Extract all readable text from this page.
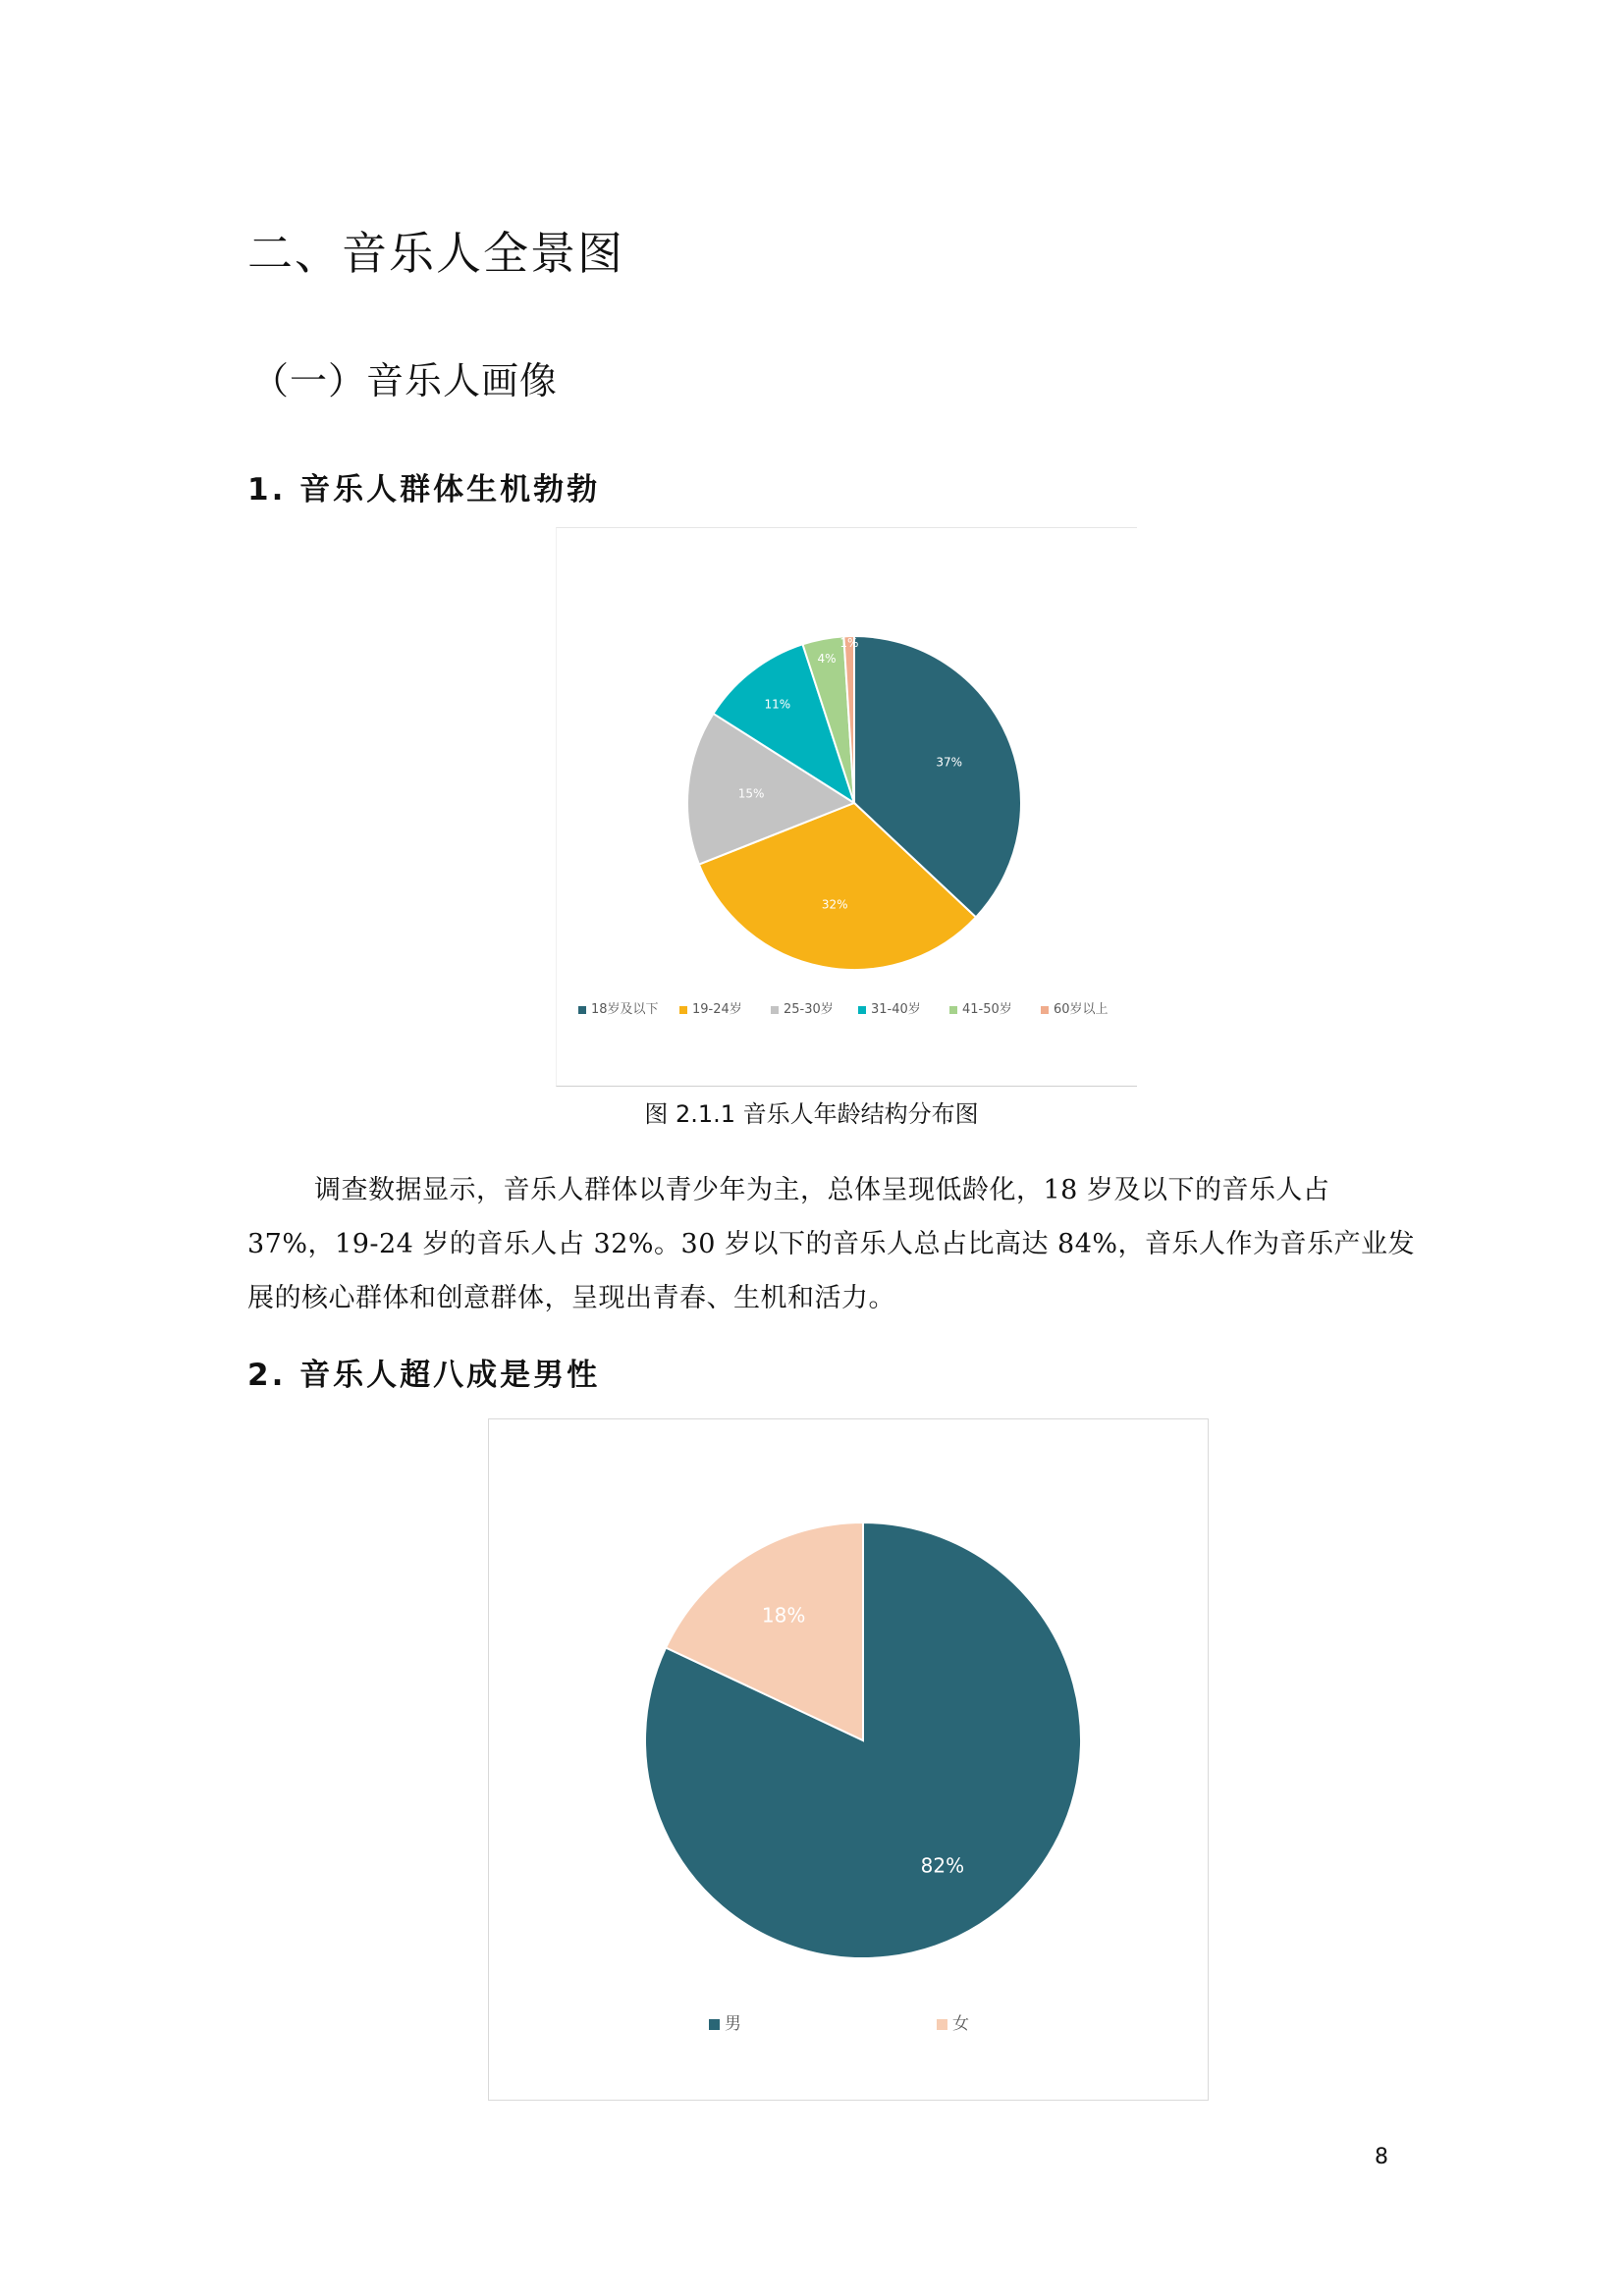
二、音乐人全景图
（一）音乐人画像
1. 音乐人群体生机勃勃
37%
32%
15%
11%
4%
1%
18岁及以下	19-24岁	25-30岁	31-40岁	41-50岁	60岁以上
图 2.1.1 音乐人年龄结构分布图
调查数据显示，音乐人群体以青少年为主，总体呈现低龄化，18 岁及以下的音乐人占
37%，19-24 岁的音乐人占 32%。30 岁以下的音乐人总占比高达 84%，音乐人作为音乐产业发
展的核心群体和创意群体，呈现出青春、生机和活力。
2. 音乐人超八成是男性
82%
18%
男	女
8
